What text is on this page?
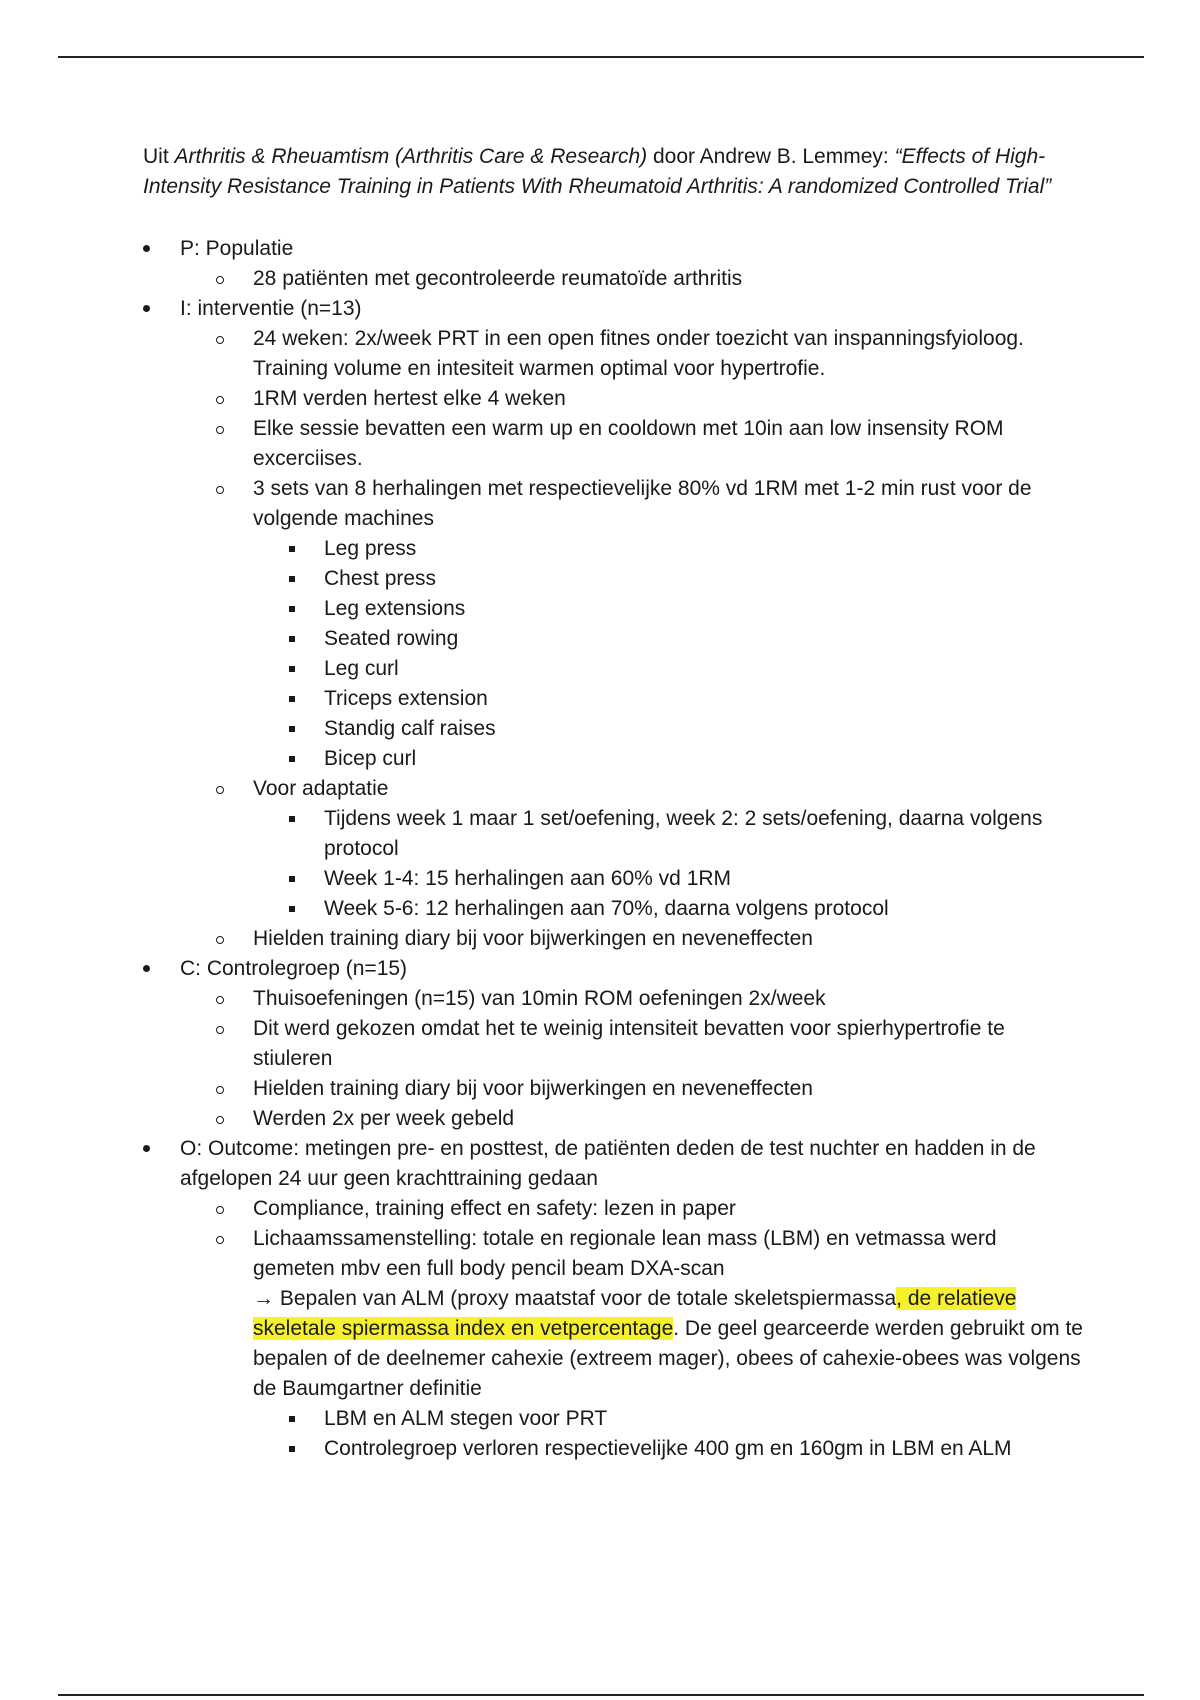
Uit Arthritis & Rheuamtism (Arthritis Care & Research) door Andrew B. Lemmey: “Effects of High-Intensity Resistance Training in Patients With Rheumatoid Arthritis: A randomized Controlled Trial”

P: Populatie
28 patiënten met gecontroleerde reumatoïde arthritis
I: interventie (n=13)
24 weken: 2x/week PRT in een open fitnes onder toezicht van inspanningsfyioloog. Training volume en intesiteit warmen optimal voor hypertrofie.
1RM verden hertest elke 4 weken
Elke sessie bevatten een warm up en cooldown met 10in aan low insensity ROM excerciises.
3 sets van 8 herhalingen met respectievelijke 80% vd 1RM met 1-2 min rust voor de volgende machines
Leg press
Chest press
Leg extensions
Seated rowing
Leg curl
Triceps extension
Standig calf raises
Bicep curl
Voor adaptatie
Tijdens week 1 maar 1 set/oefening, week 2: 2 sets/oefening, daarna volgens protocol
Week 1-4: 15 herhalingen aan 60% vd 1RM
Week 5-6: 12 herhalingen aan 70%, daarna volgens protocol
Hielden training diary bij voor bijwerkingen en neveneffecten
C: Controlegroep (n=15)
Thuisoefeningen (n=15) van 10min ROM oefeningen 2x/week
Dit werd gekozen omdat het te weinig intensiteit bevatten voor spierhypertrofie te stiuleren
Hielden training diary bij voor bijwerkingen en neveneffecten
Werden 2x per week gebeld
O: Outcome: metingen pre- en posttest, de patiënten deden de test nuchter en hadden in de afgelopen 24 uur geen krachttraining gedaan
Compliance, training effect en safety: lezen in paper
Lichaamssamenstelling: totale en regionale lean mass (LBM) en vetmassa werd gemeten mbv een full body pencil beam DXA-scan
→ Bepalen van ALM (proxy maatstaf voor de totale skeletspiermassa, de relatieve skeletale spiermassa index en vetpercentage. De geel gearceerde werden gebruikt om te bepalen of de deelnemer cahexie (extreem mager), obees of cahexie-obees was volgens de Baumgartner definitie
LBM en ALM stegen voor PRT
Controlegroep verloren respectievelijke 400 gm en 160gm in LBM en ALM
